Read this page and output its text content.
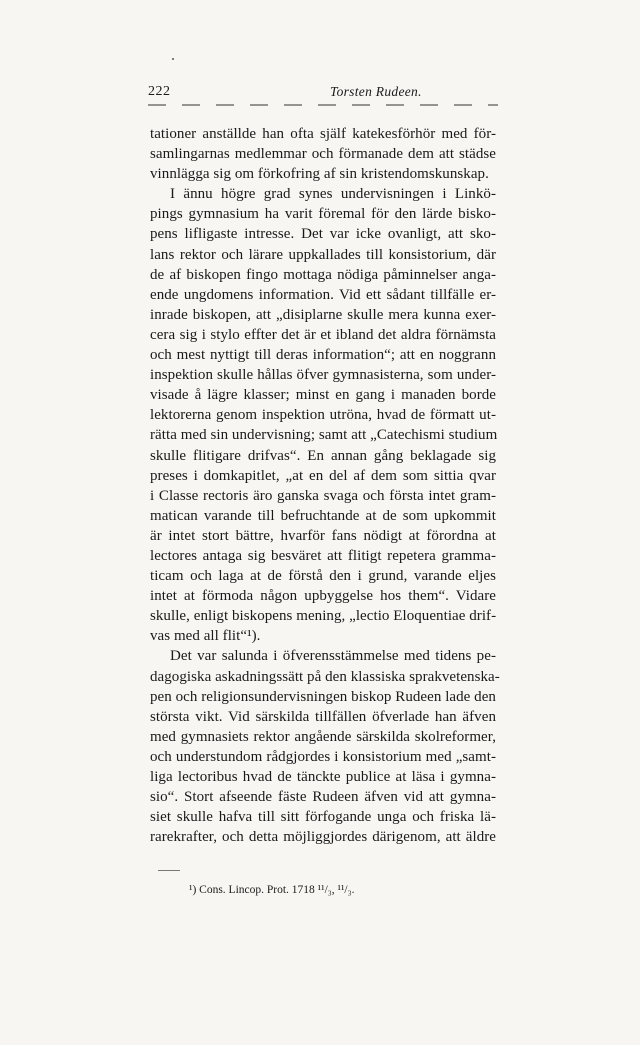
222	Torsten Rudeen.
tationer anställde han ofta själf katekesförhör med för-
samlingarnas medlemmar och förmanade dem att städse
vinnlägga sig om förkofring af sin kristendomskunskap.
I ännu högre grad synes undervisningen i Linkö-
pings gymnasium ha varit föremal för den lärde bisko-
pens lifligaste intresse. Det var icke ovanligt, att sko-
lans rektor och lärare uppkallades till konsistorium, där
de af biskopen fingo mottaga nödiga påminnelser anga-
ende ungdomens information. Vid ett sådant tillfälle er-
inrade biskopen, att „disiplarne skulle mera kunna exer-
cera sig i stylo effter det är et ibland det aldra förnämsta
och mest nyttigt till deras information“; att en noggrann
inspektion skulle hållas öfver gymnasisterna, som under-
visade å lägre klasser; minst en gang i manaden borde
lektorerna genom inspektion utröna, hvad de förmatt ut-
rätta med sin undervisning; samt att „Catechismi studium
skulle flitigare drifvas“. En annan gång beklagade sig
preses i domkapitlet, „at en del af dem som sittia qvar
i Classe rectoris äro ganska svaga och första intet gram-
matican varande till befruchtande at de som upkommit
är intet stort bättre, hvarför fans nödigt at förordna at
lectores antaga sig besväret att flitigt repetera gramma-
ticam och laga at de förstå den i grund, varande eljes
intet at förmoda någon upbyggelse hos them“. Vidare
skulle, enligt biskopens mening, „lectio Eloquentiae drif-
vas med all flit“¹).
Det var salunda i öfverensstämmelse med tidens pe-
dagogiska askadningssätt på den klassiska sprakvetenska-
pen och religionsundervisningen biskop Rudeen lade den
största vikt. Vid särskilda tillfällen öfverlade han äfven
med gymnasiets rektor angående särskilda skolreformer,
och understundom rådgjordes i konsistorium med „samt-
liga lectoribus hvad de tänckte publice at läsa i gymna-
sio“. Stort afseende fäste Rudeen äfven vid att gymna-
siet skulle hafva till sitt förfogande unga och friska lä-
rarekrafter, och detta möjliggjordes därigenom, att äldre
¹) Cons. Lincop. Prot. 1718 ¹¹/₃, ¹¹/₃.
